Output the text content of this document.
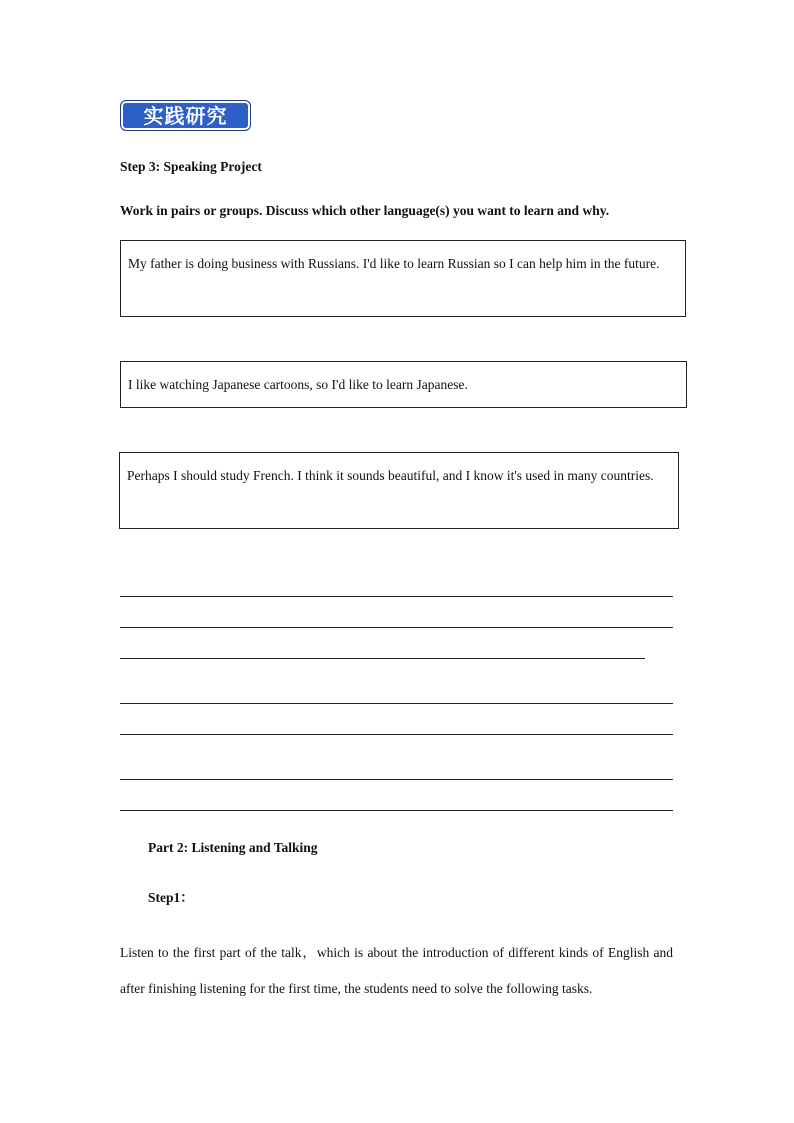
实践研究
Step 3: Speaking Project
Work in pairs or groups. Discuss which other language(s) you want to learn and why.

My father is doing business with Russians. I'd like to learn Russian so I can help him in the future.

I like watching Japanese cartoons, so I'd like to learn Japanese.

Perhaps I should study French. I think it sounds beautiful, and I know it's used in many countries.

Part 2: Listening and Talking
Step1：

Listen to the first part of the talk，which is about the introduction of different kinds of English and after finishing listening for the first time, the students need to solve the following tasks.
